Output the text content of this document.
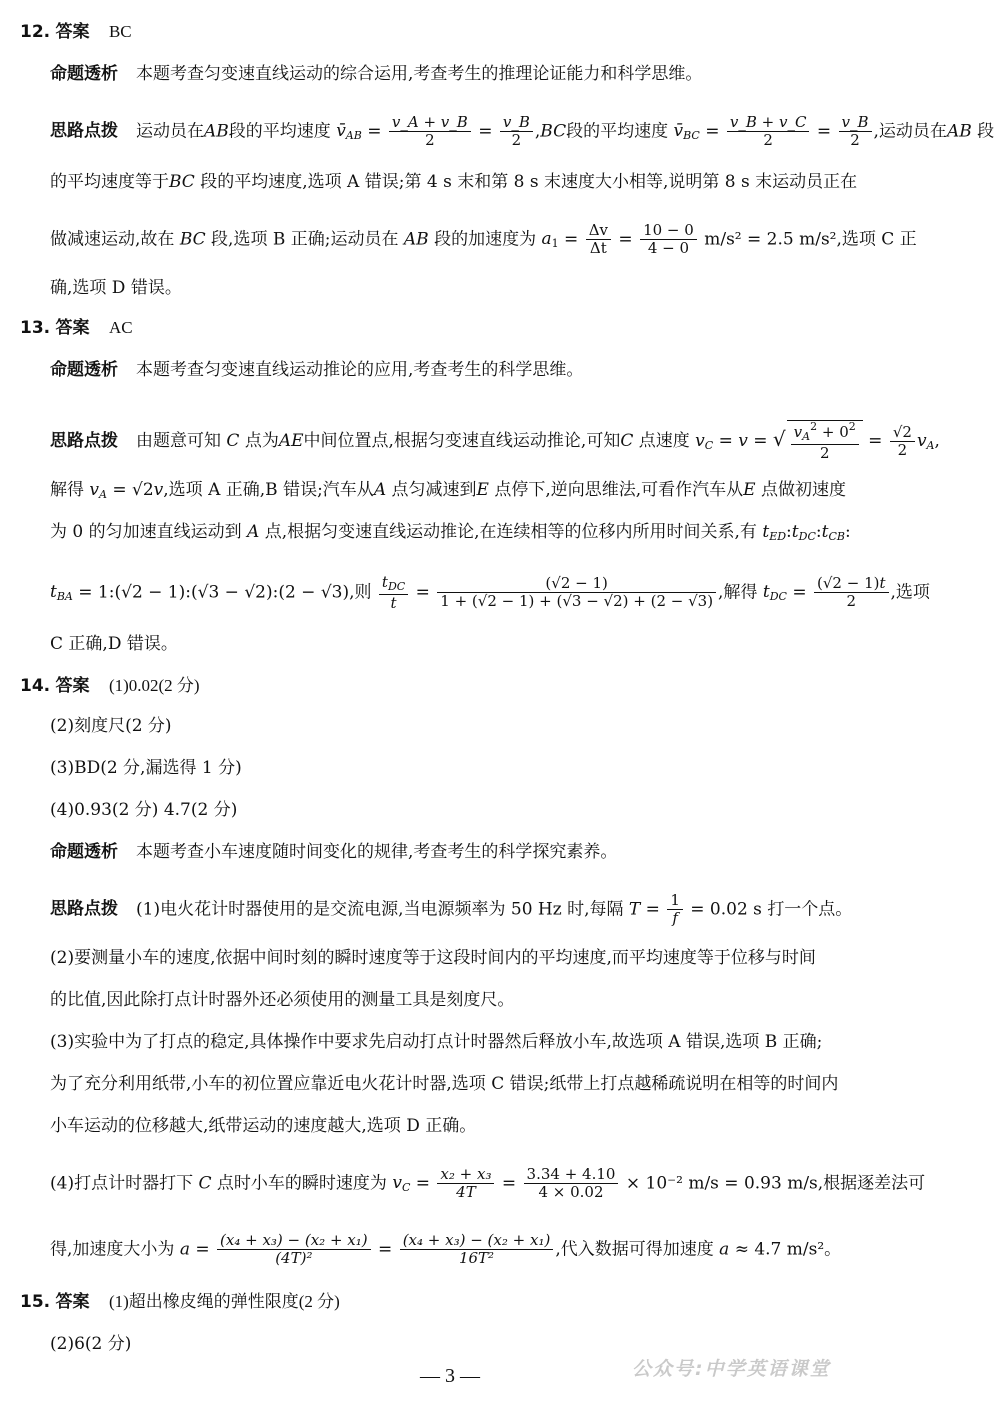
12. 答案 BC
命题透析 本题考查匀变速直线运动的综合运用,考查考生的推理论证能力和科学思维。
思路点拨 运动员在AB段的平均速度 $v̄_{AB} = \frac{v\_A + v\_B}{2} = \frac{v\_B}{2} ,BC$段的平均速度 $v̄_{BC} = \frac{v\_B + v\_C}{2} = \frac{v\_B}{2}$ ,运动员在AB 段
的平均速度等于BC 段的平均速度,选项 A 错误;第 4 s 末和第 8 s 末速度大小相等,说明第 8 s 末运动员正在
做减速运动,故在 BC 段,选项 B 正确;运动员在 AB 段的加速度为 $a_1 = \frac{\Delta v}{\Delta t} = \frac{10 - 0}{4 - 0} m/s^2 = 2.5$ m/s²,选项 C 正
确,选项 D 错误。
13. 答案 AC
命题透析 本题考查匀变速直线运动推论的应用,考查考生的科学思维。
思路点拨 由题意可知 C 点为AE中间位置点,根据匀变速直线运动推论,可知C 点速度 $v_C = v$ = √ $\frac{v_A^2 + 0^2}{2} = \frac{√2}{2} v_A$,
解得 $v_A = √2v$,选项 A 正确,B 错误;汽车从A 点匀减速到E 点停下,逆向思维法,可看作汽车从E 点做初速度
为 0 的匀加速直线运动到 A 点,根据匀变速直线运动推论,在连续相等的位移内所用时间关系,有 $t_{ED}:t_{DC}:t_{CB}$:
$t_{BA}$ = 1:(√2 − 1):(√3 − √2):(2 − √3),则 $\frac{t_{DC}}{t} = \frac{(√2 - 1)}{1 + (√2 - 1) + (√3 - √2) + (2 - √3)}$ ,解得 $t_{DC} = \frac{(√2 - 1)t}{2}$ ,选项
C 正确,D 错误。
14. 答案 (1)0.02(2 分)
(2)刻度尺(2 分)
(3)BD(2 分,漏选得 1 分)
(4)0.93(2 分) 4.7(2 分)
命题透析 本题考查小车速度随时间变化的规律,考查考生的科学探究素养。
思路点拨 (1)电火花计时器使用的是交流电源,当电源频率为 50 Hz 时,每隔 $T = \frac{1}{f} = 0.02$ s 打一个点。
(2)要测量小车的速度,依据中间时刻的瞬时速度等于这段时间内的平均速度,而平均速度等于位移与时间
的比值,因此除打点计时器外还必须使用的测量工具是刻度尺。
(3)实验中为了打点的稳定,具体操作中要求先启动打点计时器然后释放小车,故选项 A 错误,选项 B 正确;
为了充分利用纸带,小车的初位置应靠近电火花计时器,选项 C 错误;纸带上打点越稀疏说明在相等的时间内
小车运动的位移越大,纸带运动的速度越大,选项 D 正确。
(4)打点计时器打下 C 点时小车的瞬时速度为 $v_C = \frac{\text{x₂ + x₃}}{4T} = \frac{3.34 + 4.10}{4 \times 0.02} \times 10^{-2}$ m/s = 0.93 m/s,根据逐差法可
得,加速度大小为 $a = \frac{\text{(x₄ + x₃) − (x₂ + x₁)}}{\text{(4T)²}} = \frac{\text{(x₄ + x₃) − (x₂ + x₁)}}{\text{16T²}}$ ,代入数据可得加速度 a ≈ 4.7 m/s²。
15. 答案 (1)超出橡皮绳的弹性限度(2 分)
(2)6(2 分)
— 3 —	公众号:中学英语课堂
